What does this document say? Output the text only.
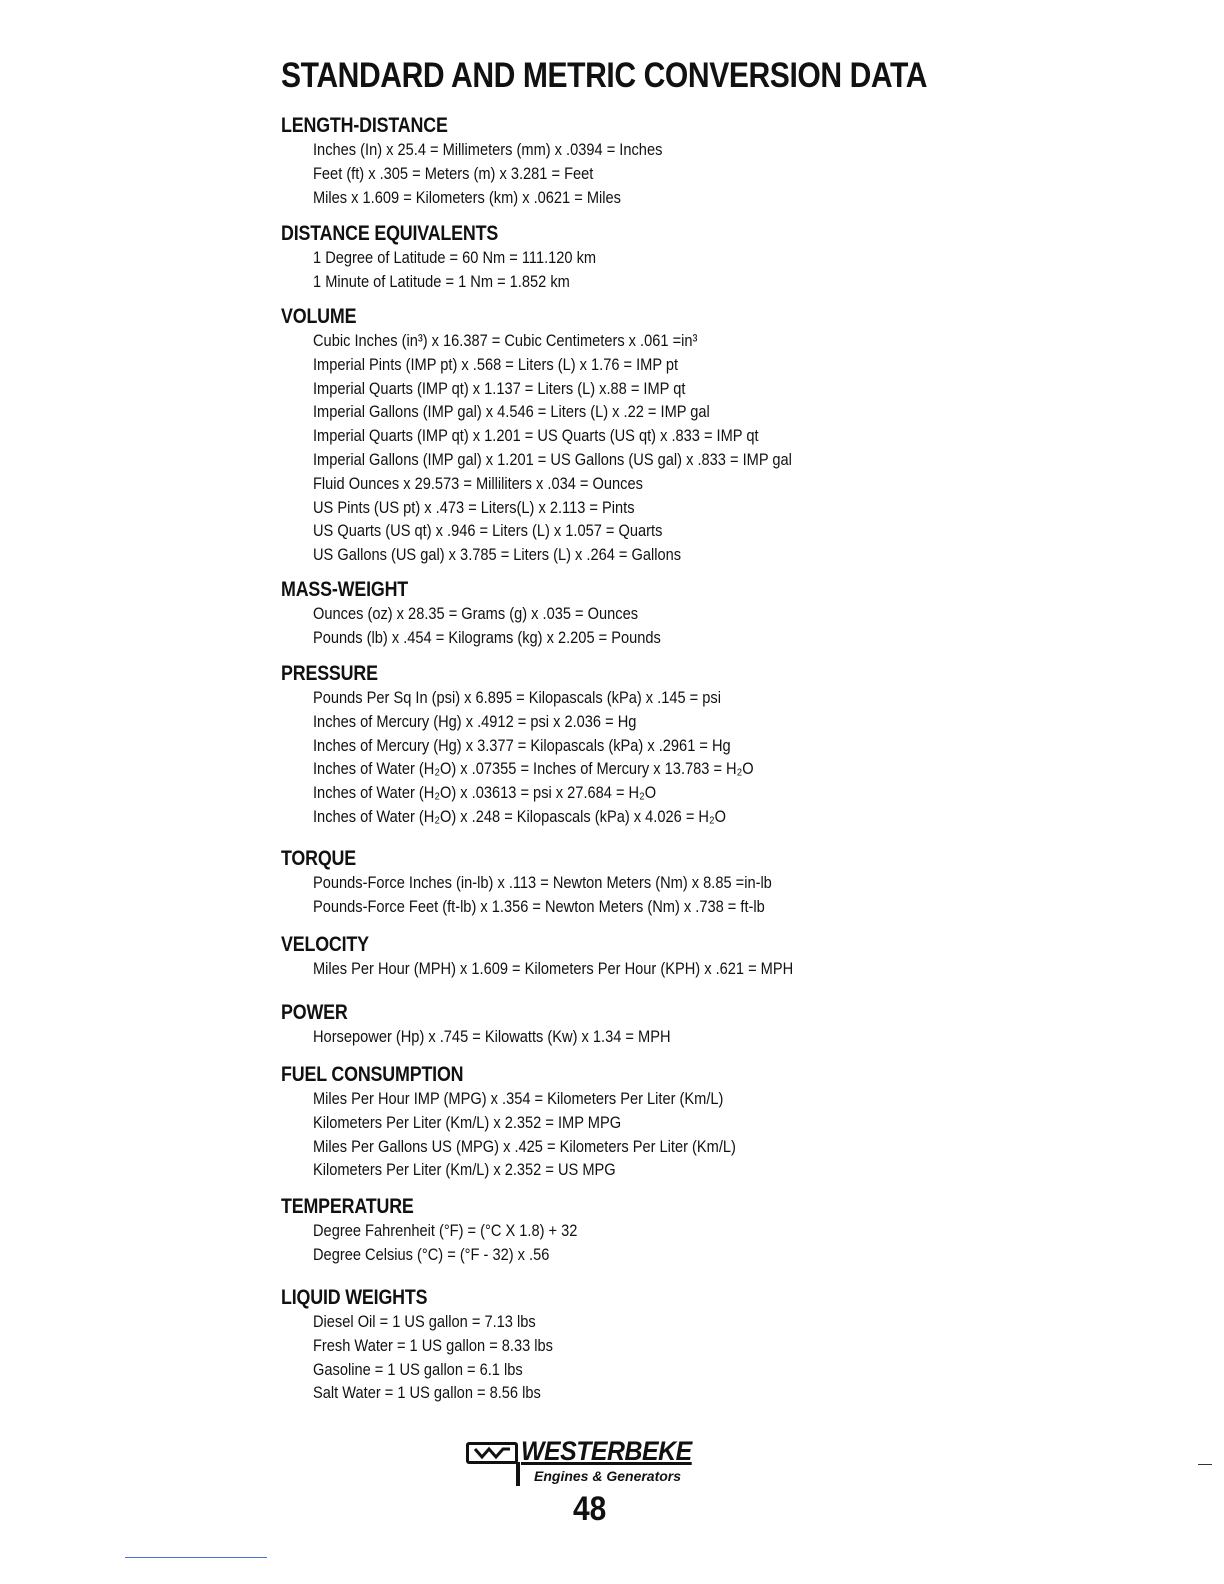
STANDARD AND METRIC CONVERSION DATA
LENGTH-DISTANCE
Inches (In) x 25.4 = Millimeters (mm) x .0394 = Inches
Feet (ft) x .305 = Meters (m) x 3.281 = Feet
Miles x 1.609 = Kilometers (km) x .0621 = Miles
DISTANCE EQUIVALENTS
1 Degree of Latitude = 60 Nm = 111.120 km
1 Minute of Latitude = 1 Nm = 1.852 km
VOLUME
Cubic Inches (in³) x 16.387 = Cubic Centimeters x .061 =in³
Imperial Pints (IMP pt) x .568 = Liters (L) x 1.76 = IMP pt
Imperial Quarts (IMP qt) x 1.137 = Liters (L) x.88 = IMP qt
Imperial Gallons (IMP gal) x 4.546 = Liters (L) x .22 = IMP gal
Imperial Quarts (IMP qt) x 1.201 = US Quarts (US qt) x .833 = IMP qt
Imperial Gallons (IMP gal) x 1.201 = US Gallons (US gal) x .833 = IMP gal
Fluid Ounces x 29.573 = Milliliters x .034 = Ounces
US Pints (US pt) x .473 = Liters(L) x 2.113 = Pints
US Quarts (US qt) x .946 = Liters (L) x 1.057 = Quarts
US Gallons (US gal) x 3.785 = Liters (L) x .264 = Gallons
MASS-WEIGHT
Ounces (oz) x 28.35 = Grams (g) x .035 = Ounces
Pounds (lb) x .454 = Kilograms (kg) x 2.205 = Pounds
PRESSURE
Pounds Per Sq In (psi) x 6.895 = Kilopascals (kPa) x .145 = psi
Inches of Mercury (Hg) x .4912 = psi x 2.036 = Hg
Inches of Mercury (Hg) x 3.377 = Kilopascals (kPa) x .2961 = Hg
Inches of Water (H₂O) x .07355 = Inches of Mercury x 13.783 = H₂O
Inches of Water (H₂O) x .03613 = psi x 27.684 = H₂O
Inches of Water (H₂O) x .248 = Kilopascals (kPa) x 4.026 = H₂O
TORQUE
Pounds-Force Inches (in-lb) x .113 = Newton Meters (Nm) x 8.85 =in-lb
Pounds-Force Feet (ft-lb) x 1.356 = Newton Meters (Nm) x .738 = ft-lb
VELOCITY
Miles Per Hour (MPH) x 1.609 = Kilometers Per Hour (KPH) x .621 = MPH
POWER
Horsepower (Hp) x .745 = Kilowatts (Kw) x 1.34 = MPH
FUEL CONSUMPTION
Miles Per Hour IMP (MPG) x .354 = Kilometers Per Liter (Km/L)
Kilometers Per Liter (Km/L) x 2.352 = IMP MPG
Miles Per Gallons US (MPG) x .425 = Kilometers Per Liter (Km/L)
Kilometers Per Liter (Km/L) x 2.352 = US MPG
TEMPERATURE
Degree Fahrenheit (°F) = (°C X 1.8) + 32
Degree Celsius (°C) = (°F - 32) x .56
LIQUID WEIGHTS
Diesel Oil = 1 US gallon = 7.13 lbs
Fresh Water = 1 US gallon = 8.33 lbs
Gasoline = 1 US gallon = 6.1 lbs
Salt Water = 1 US gallon = 8.56 lbs
WESTERBEKE
Engines & Generators
48
